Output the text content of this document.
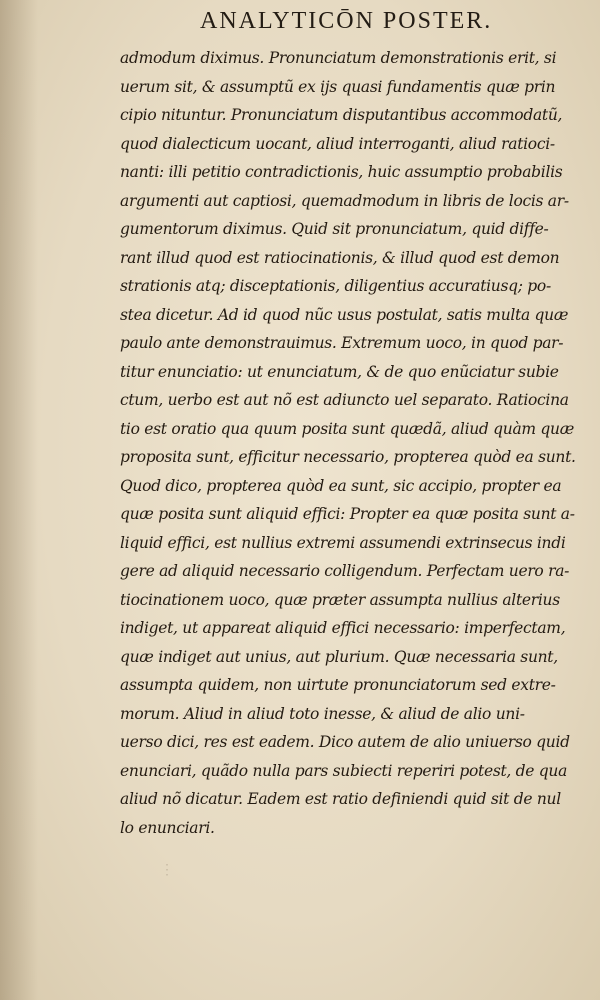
ANALYTICŌN POSTER.
admodum diximus. Pronunciatum demonstrationis erit, si
uerum sit, & assumptũ ex ijs quasi fundamentis quæ prin
cipio nituntur. Pronunciatum disputantibus accommodatũ,
quod dialecticum uocant, aliud interroganti, aliud ratioci-
nanti: illi petitio contradictionis, huic assumptio probabilis
argumenti aut captiosi, quemadmodum in libris de locis ar-
gumentorum diximus. Quid sit pronunciatum, quid diffe-
rant illud quod est ratiocinationis, & illud quod est demon
strationis atq; disceptationis, diligentius accuratiusq; po-
stea dicetur. Ad id quod nũc usus postulat, satis multa quæ
paulo ante demonstrauimus. Extremum uoco, in quod par-
titur enunciatio: ut enunciatum, & de quo enũciatur subie
ctum, uerbo est aut nõ est adiuncto uel separato. Ratiocina
tio est oratio qua quum posita sunt quædã, aliud quàm quæ
proposita sunt, efficitur necessario, propterea quòd ea sunt.
Quod dico, propterea quòd ea sunt, sic accipio, propter ea
quæ posita sunt aliquid effici: Propter ea quæ posita sunt a-
liquid effici, est nullius extremi assumendi extrinsecus indi
gere ad aliquid necessario colligendum. Perfectam uero ra-
tiocinationem uoco, quæ præter assumpta nullius alterius
indiget, ut appareat aliquid effici necessario: imperfectam,
quæ indiget aut unius, aut plurium. Quæ necessaria sunt,
assumpta quidem, non uirtute pronunciatorum sed extre-
morum. Aliud in aliud toto inesse, & aliud de alio uni-
uerso dici, res est eadem. Dico autem de alio uniuerso quid
enunciari, quãdo nulla pars subiecti reperiri potest, de qua
aliud nõ dicatur. Eadem est ratio definiendi quid sit de nul
lo enunciari.
⋮
